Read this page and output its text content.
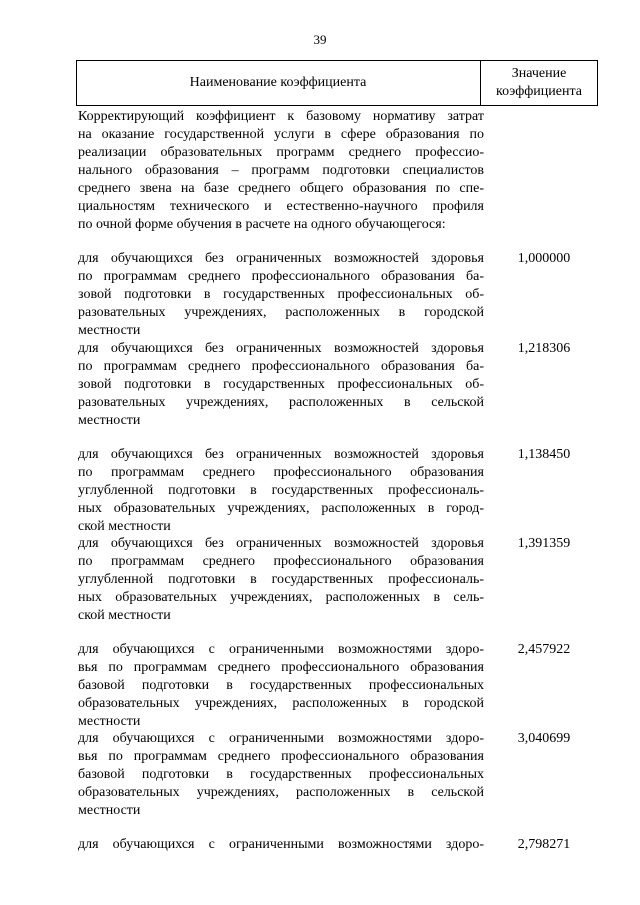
39
Наименование коэффициента
Значение
коэффициента
Корректирующий коэффициент к базовому нормативу затрат
на оказание государственной услуги в сфере образования по
реализации образовательных программ среднего профессио-
нального образования – программ подготовки специалистов
среднего звена на базе среднего общего образования по спе-
циальностям технического и естественно-научного профиля
по очной форме обучения в расчете на одного обучающегося:
для обучающихся без ограниченных возможностей здоровья
по программам среднего профессионального образования ба-
зовой подготовки в государственных профессиональных об-
разовательных учреждениях, расположенных в городской
местности
1,000000
для обучающихся без ограниченных возможностей здоровья
по программам среднего профессионального образования ба-
зовой подготовки в государственных профессиональных об-
разовательных учреждениях, расположенных в сельской
местности
1,218306
для обучающихся без ограниченных возможностей здоровья
по программам среднего профессионального образования
углубленной подготовки в государственных профессиональ-
ных образовательных учреждениях, расположенных в город-
ской местности
1,138450
для обучающихся без ограниченных возможностей здоровья
по программам среднего профессионального образования
углубленной подготовки в государственных профессиональ-
ных образовательных учреждениях, расположенных в сель-
ской местности
1,391359
для обучающихся с ограниченными возможностями здоро-
вья по программам среднего профессионального образования
базовой подготовки в государственных профессиональных
образовательных учреждениях, расположенных в городской
местности
2,457922
для обучающихся с ограниченными возможностями здоро-
вья по программам среднего профессионального образования
базовой подготовки в государственных профессиональных
образовательных учреждениях, расположенных в сельской
местности
3,040699
для обучающихся с ограниченными возможностями здоро-	2,798271
